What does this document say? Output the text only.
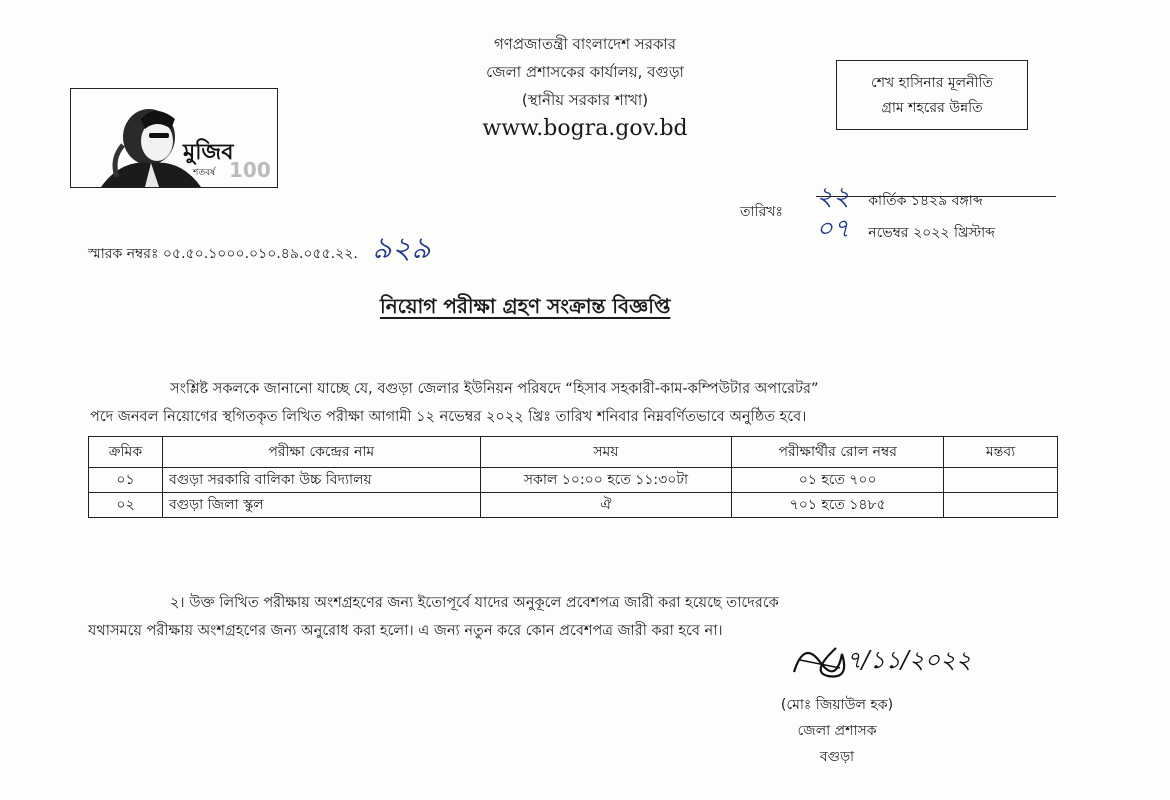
গণপ্রজাতন্ত্রী বাংলাদেশ সরকার
জেলা প্রশাসকের কার্যালয়, বগুড়া
(স্থানীয় সরকার শাখা)
www.bogra.gov.bd
মুজিব
শতবর্ষ 100
শেখ হাসিনার মূলনীতি
গ্রাম শহরের উন্নতি
২২ কার্তিক ১৪২৯ বঙ্গাব্দ
তারিখঃ
০৭ নভেম্বর ২০২২ খ্রিস্টাব্দ
স্মারক নম্বরঃ ০৫.৫০.১০০০.০১০.৪৯.০৫৫.২২. ৯২৯
নিয়োগ পরীক্ষা গ্রহণ সংক্রান্ত বিজ্ঞপ্তি
সংশ্লিষ্ট সকলকে জানানো যাচ্ছে যে, বগুড়া জেলার ইউনিয়ন পরিষদে “হিসাব সহকারী-কাম-কম্পিউটার অপারেটর”
পদে জনবল নিয়োগের স্থগিতকৃত লিখিত পরীক্ষা আগামী ১২ নভেম্বর ২০২২ খ্রিঃ তারিখ শনিবার নিম্নবর্ণিতভাবে অনুষ্ঠিত হবে।
ক্রমিক	পরীক্ষা কেন্দ্রের নাম	সময়	পরীক্ষার্থীর রোল নম্বর	মন্তব্য
০১	বগুড়া সরকারি বালিকা উচ্চ বিদ্যালয়	সকাল ১০:০০ হতে ১১:৩০টা	০১ হতে ৭০০	
০২	বগুড়া জিলা স্কুল	ঐ	৭০১ হতে ১৪৮৫	
২। উক্ত লিখিত পরীক্ষায় অংশগ্রহণের জন্য ইতোপূর্বে যাদের অনুকূলে প্রবেশপত্র জারী করা হয়েছে তাদেরকে
যথাসময়ে পরীক্ষায় অংশগ্রহণের জন্য অনুরোধ করা হলো। এ জন্য নতুন করে কোন প্রবেশপত্র জারী করা হবে না।
৭/১১/২০২২
(মোঃ জিয়াউল হক)
জেলা প্রশাসক
বগুড়া
